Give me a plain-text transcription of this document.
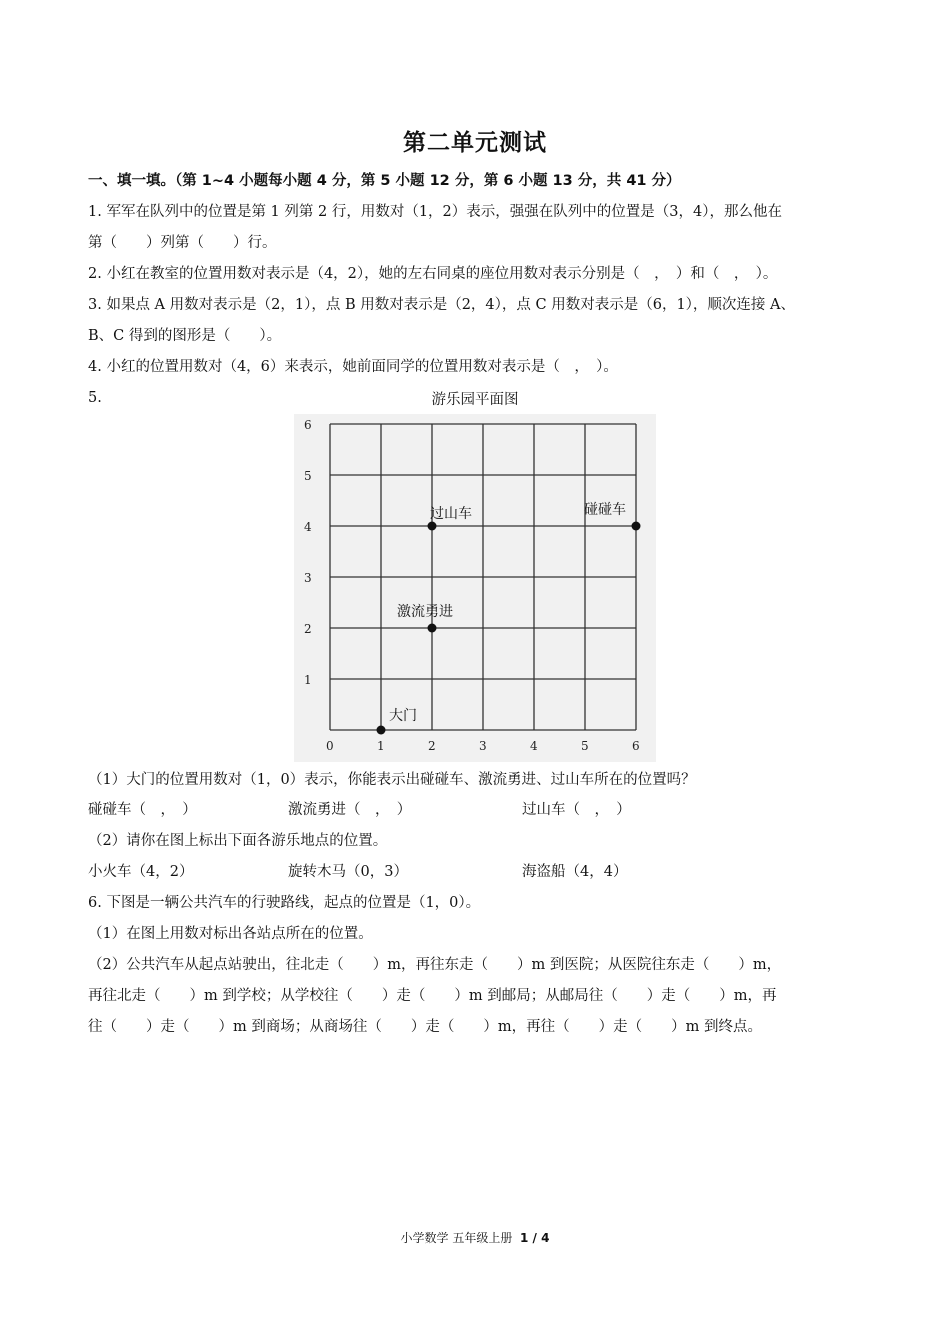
第二单元测试
一、填一填。（第 1~4 小题每小题 4 分，第 5 小题 12 分，第 6 小题 13 分，共 41 分）
1. 军军在队列中的位置是第 1 列第 2 行，用数对（1，2）表示，强强在队列中的位置是（3，4），那么他在
第（　　）列第（　　）行。
2. 小红在教室的位置用数对表示是（4，2），她的左右同桌的座位用数对表示分别是（　，　）和（　，　）。
3. 如果点 A 用数对表示是（2，1），点 B 用数对表示是（2，4），点 C 用数对表示是（6，1），顺次连接 A、
B、C 得到的图形是（　　）。
4. 小红的位置用数对（4，6）来表示，她前面同学的位置用数对表示是（　，　）。
5.	游乐园平面图
0	1	2	3	4	5	6
1
2
3
4
5
6
大门
激流勇进
过山车	碰碰车
（1）大门的位置用数对（1，0）表示，你能表示出碰碰车、激流勇进、过山车所在的位置吗？
碰碰车（　，　）	激流勇进（　，　）	过山车（　，　）
（2）请你在图上标出下面各游乐地点的位置。
小火车（4，2）	旋转木马（0，3）	海盗船（4，4）
6. 下图是一辆公共汽车的行驶路线，起点的位置是（1，0）。
（1）在图上用数对标出各站点所在的位置。
（2）公共汽车从起点站驶出，往北走（　　）m，再往东走（　　）m 到医院；从医院往东走（　　）m，
再往北走（　　）m 到学校；从学校往（　　）走（　　）m 到邮局；从邮局往（　　）走（　　）m，再
往（　　）走（　　）m 到商场；从商场往（　　）走（　　）m，再往（　　）走（　　）m 到终点。
小学数学 五年级上册 1 / 4
